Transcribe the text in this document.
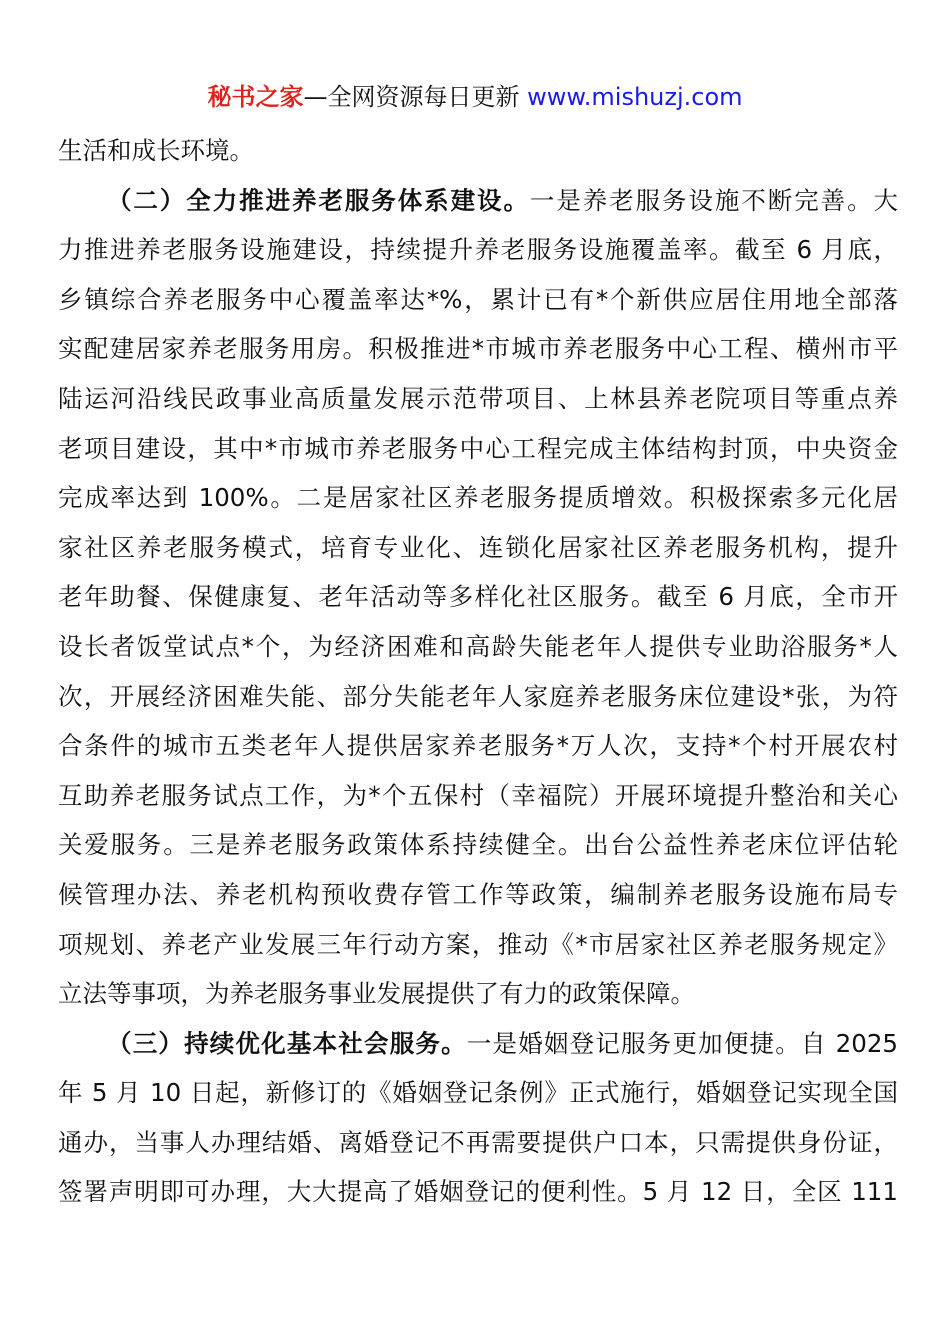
秘书之家—全网资源每日更新 www.mishuzj.com
生活和成长环境。
（二）全力推进养老服务体系建设。一是养老服务设施不断完善。大
力推进养老服务设施建设，持续提升养老服务设施覆盖率。截至 6 月底，
乡镇综合养老服务中心覆盖率达*%，累计已有*个新供应居住用地全部落
实配建居家养老服务用房。积极推进*市城市养老服务中心工程、横州市平
陆运河沿线民政事业高质量发展示范带项目、上林县养老院项目等重点养
老项目建设，其中*市城市养老服务中心工程完成主体结构封顶，中央资金
完成率达到 100%。二是居家社区养老服务提质增效。积极探索多元化居
家社区养老服务模式，培育专业化、连锁化居家社区养老服务机构，提升
老年助餐、保健康复、老年活动等多样化社区服务。截至 6 月底，全市开
设长者饭堂试点*个，为经济困难和高龄失能老年人提供专业助浴服务*人
次，开展经济困难失能、部分失能老年人家庭养老服务床位建设*张，为符
合条件的城市五类老年人提供居家养老服务*万人次，支持*个村开展农村
互助养老服务试点工作，为*个五保村（幸福院）开展环境提升整治和关心
关爱服务。三是养老服务政策体系持续健全。出台公益性养老床位评估轮
候管理办法、养老机构预收费存管工作等政策，编制养老服务设施布局专
项规划、养老产业发展三年行动方案，推动《*市居家社区养老服务规定》
立法等事项，为养老服务事业发展提供了有力的政策保障。
（三）持续优化基本社会服务。一是婚姻登记服务更加便捷。自 2025
年 5 月 10 日起，新修订的《婚姻登记条例》正式施行，婚姻登记实现全国
通办，当事人办理结婚、离婚登记不再需要提供户口本，只需提供身份证，
签署声明即可办理，大大提高了婚姻登记的便利性。5 月 12 日，全区 111
